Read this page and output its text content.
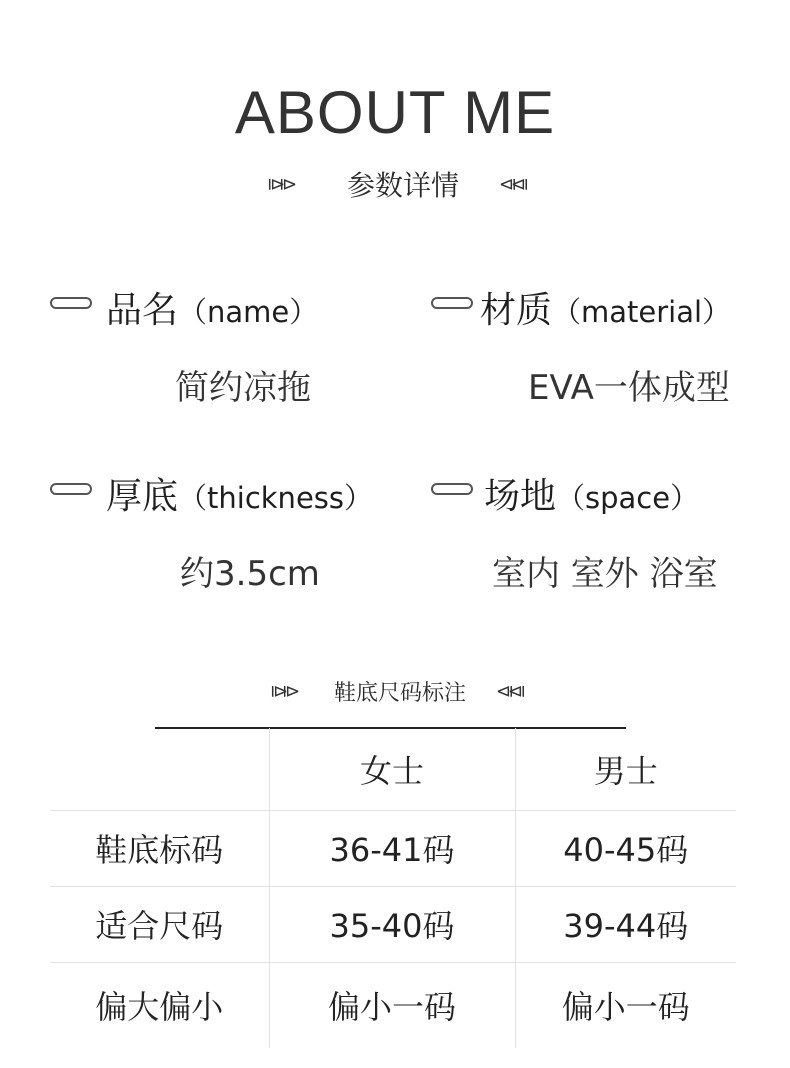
ABOUT ME
⧐⧐ 参数详情 ⧏⧏
品名（name）
简约凉拖
材质（material）
EVA一体成型
厚底（thickness）
约3.5cm
场地（space）
室内 室外 浴室
⧐⧐ 鞋底尺码标注 ⧏⧏
	女士	男士
鞋底标码	36-41码	40-45码
适合尺码	35-40码	39-44码
偏大偏小	偏小一码	偏小一码
